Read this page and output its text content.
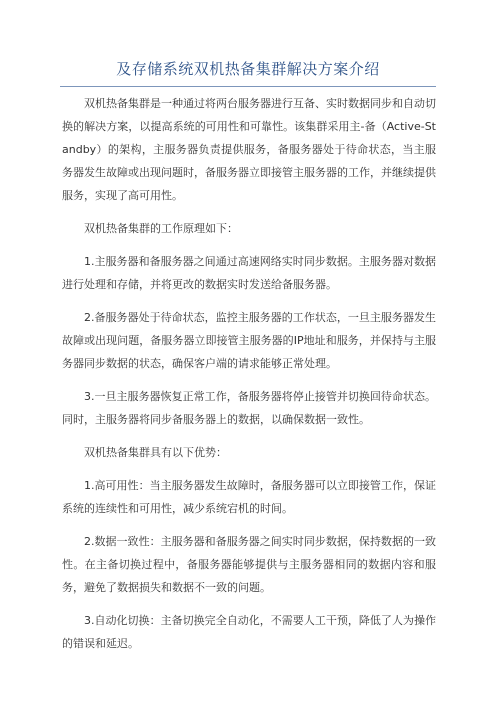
及存储系统双机热备集群解决方案介绍

双机热备集群是一种通过将两台服务器进行互备、实时数据同步和自动切换的解决方案，以提高系统的可用性和可靠性。该集群采用主-备（Active-Standby）的架构，主服务器负责提供服务，备服务器处于待命状态，当主服务器发生故障或出现问题时，备服务器立即接管主服务器的工作，并继续提供服务，实现了高可用性。

双机热备集群的工作原理如下：

1.主服务器和备服务器之间通过高速网络实时同步数据。主服务器对数据进行处理和存储，并将更改的数据实时发送给备服务器。

2.备服务器处于待命状态，监控主服务器的工作状态，一旦主服务器发生故障或出现问题，备服务器立即接管主服务器的IP地址和服务，并保持与主服务器同步数据的状态，确保客户端的请求能够正常处理。

3.一旦主服务器恢复正常工作，备服务器将停止接管并切换回待命状态。同时，主服务器将同步备服务器上的数据，以确保数据一致性。

双机热备集群具有以下优势：

1.高可用性：当主服务器发生故障时，备服务器可以立即接管工作，保证系统的连续性和可用性，减少系统宕机的时间。

2.数据一致性：主服务器和备服务器之间实时同步数据，保持数据的一致性。在主备切换过程中，备服务器能够提供与主服务器相同的数据内容和服务，避免了数据损失和数据不一致的问题。

3.自动化切换：主备切换完全自动化，不需要人工干预，降低了人为操作的错误和延迟。
